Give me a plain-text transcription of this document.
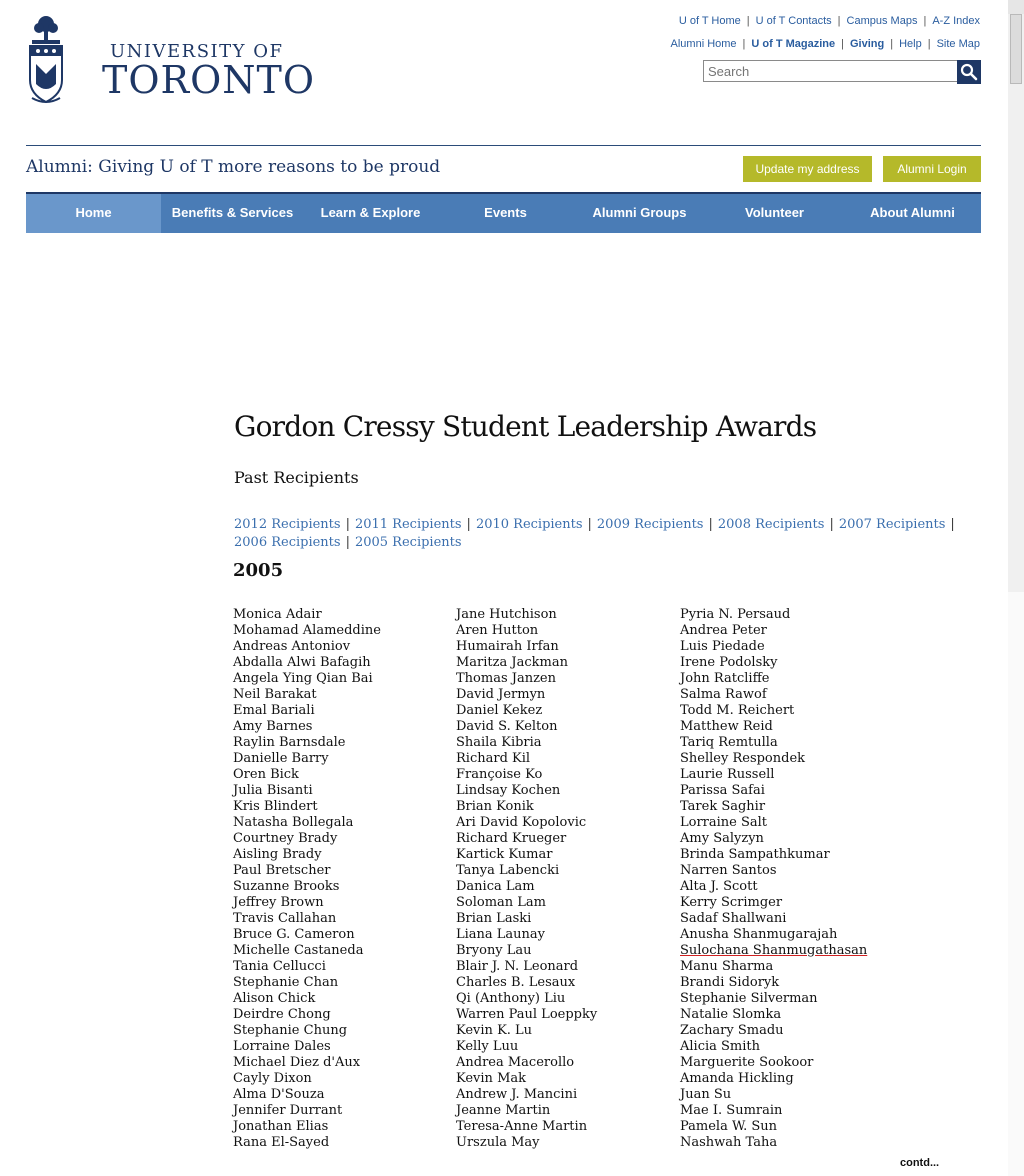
UNIVERSITY OF
TORONTO
U of T Home | U of T Contacts | Campus Maps | A-Z Index
Alumni Home | U of T Magazine | Giving | Help | Site Map
Search
Alumni: Giving U of T more reasons to be proud	Update my address	Alumni Login
Home	Benefits & Services	Learn & Explore	Events	Alumni Groups	Volunteer	About Alumni
Gordon Cressy Student Leadership Awards
Past Recipients
2012 Recipients | 2011 Recipients | 2010 Recipients | 2009 Recipients | 2008 Recipients | 2007 Recipients |
2006 Recipients | 2005 Recipients
2005
Monica Adair
Mohamad Alameddine
Andreas Antoniov
Abdalla Alwi Bafagih
Angela Ying Qian Bai
Neil Barakat
Emal Bariali
Amy Barnes
Raylin Barnsdale
Danielle Barry
Oren Bick
Julia Bisanti
Kris Blindert
Natasha Bollegala
Courtney Brady
Aisling Brady
Paul Bretscher
Suzanne Brooks
Jeffrey Brown
Travis Callahan
Bruce G. Cameron
Michelle Castaneda
Tania Cellucci
Stephanie Chan
Alison Chick
Deirdre Chong
Stephanie Chung
Lorraine Dales
Michael Diez d'Aux
Cayly Dixon
Alma D'Souza
Jennifer Durrant
Jonathan Elias
Rana El-Sayed
Jane Hutchison
Aren Hutton
Humairah Irfan
Maritza Jackman
Thomas Janzen
David Jermyn
Daniel Kekez
David S. Kelton
Shaila Kibria
Richard Kil
Françoise Ko
Lindsay Kochen
Brian Konik
Ari David Kopolovic
Richard Krueger
Kartick Kumar
Tanya Labencki
Danica Lam
Soloman Lam
Brian Laski
Liana Launay
Bryony Lau
Blair J. N. Leonard
Charles B. Lesaux
Qi (Anthony) Liu
Warren Paul Loeppky
Kevin K. Lu
Kelly Luu
Andrea Macerollo
Kevin Mak
Andrew J. Mancini
Jeanne Martin
Teresa-Anne Martin
Urszula May
Pyria N. Persaud
Andrea Peter
Luis Piedade
Irene Podolsky
John Ratcliffe
Salma Rawof
Todd M. Reichert
Matthew Reid
Tariq Remtulla
Shelley Respondek
Laurie Russell
Parissa Safai
Tarek Saghir
Lorraine Salt
Amy Salyzyn
Brinda Sampathkumar
Narren Santos
Alta J. Scott
Kerry Scrimger
Sadaf Shallwani
Anusha Shanmugarajah
Sulochana Shanmugathasan
Manu Sharma
Brandi Sidoryk
Stephanie Silverman
Natalie Slomka
Zachary Smadu
Alicia Smith
Marguerite Sookoor
Amanda Hickling
Juan Su
Mae I. Sumrain
Pamela W. Sun
Nashwah Taha
contd...
